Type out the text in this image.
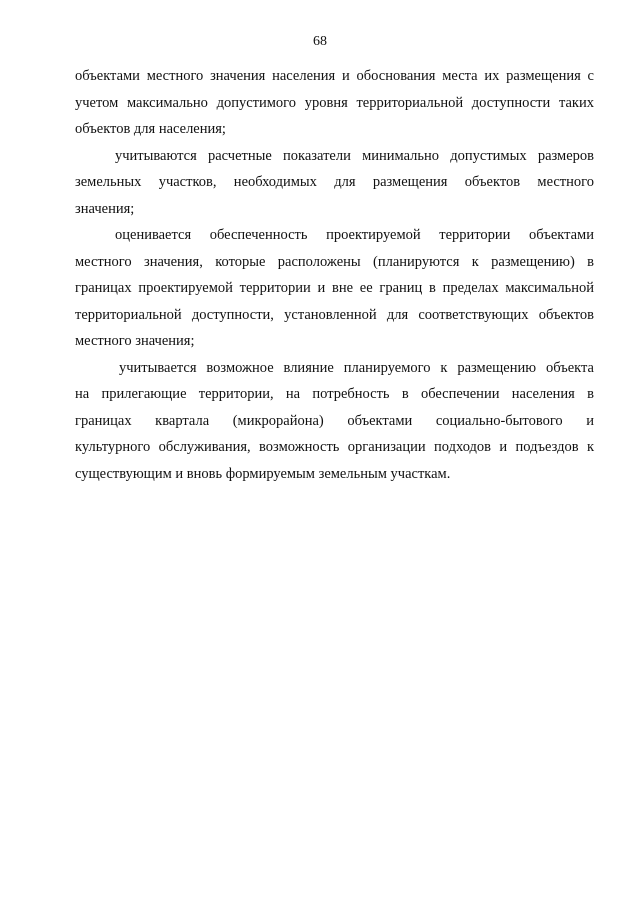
68
объектами местного значения населения и обоснования места их размещения с
учетом максимально допустимого уровня территориальной доступности таких
объектов для населения;
учитываются расчетные показатели минимально допустимых размеров
земельных участков, необходимых для размещения объектов местного
значения;
оценивается обеспеченность проектируемой территории объектами
местного значения, которые расположены (планируются к размещению) в
границах проектируемой территории и вне ее границ в пределах максимальной
территориальной доступности, установленной для соответствующих объектов
местного значения;
учитывается возможное влияние планируемого к размещению объекта
на прилегающие территории, на потребность в обеспечении населения в
границах квартала (микрорайона) объектами социально-бытового и
культурного обслуживания, возможность организации подходов и подъездов к
существующим и вновь формируемым земельным участкам.
